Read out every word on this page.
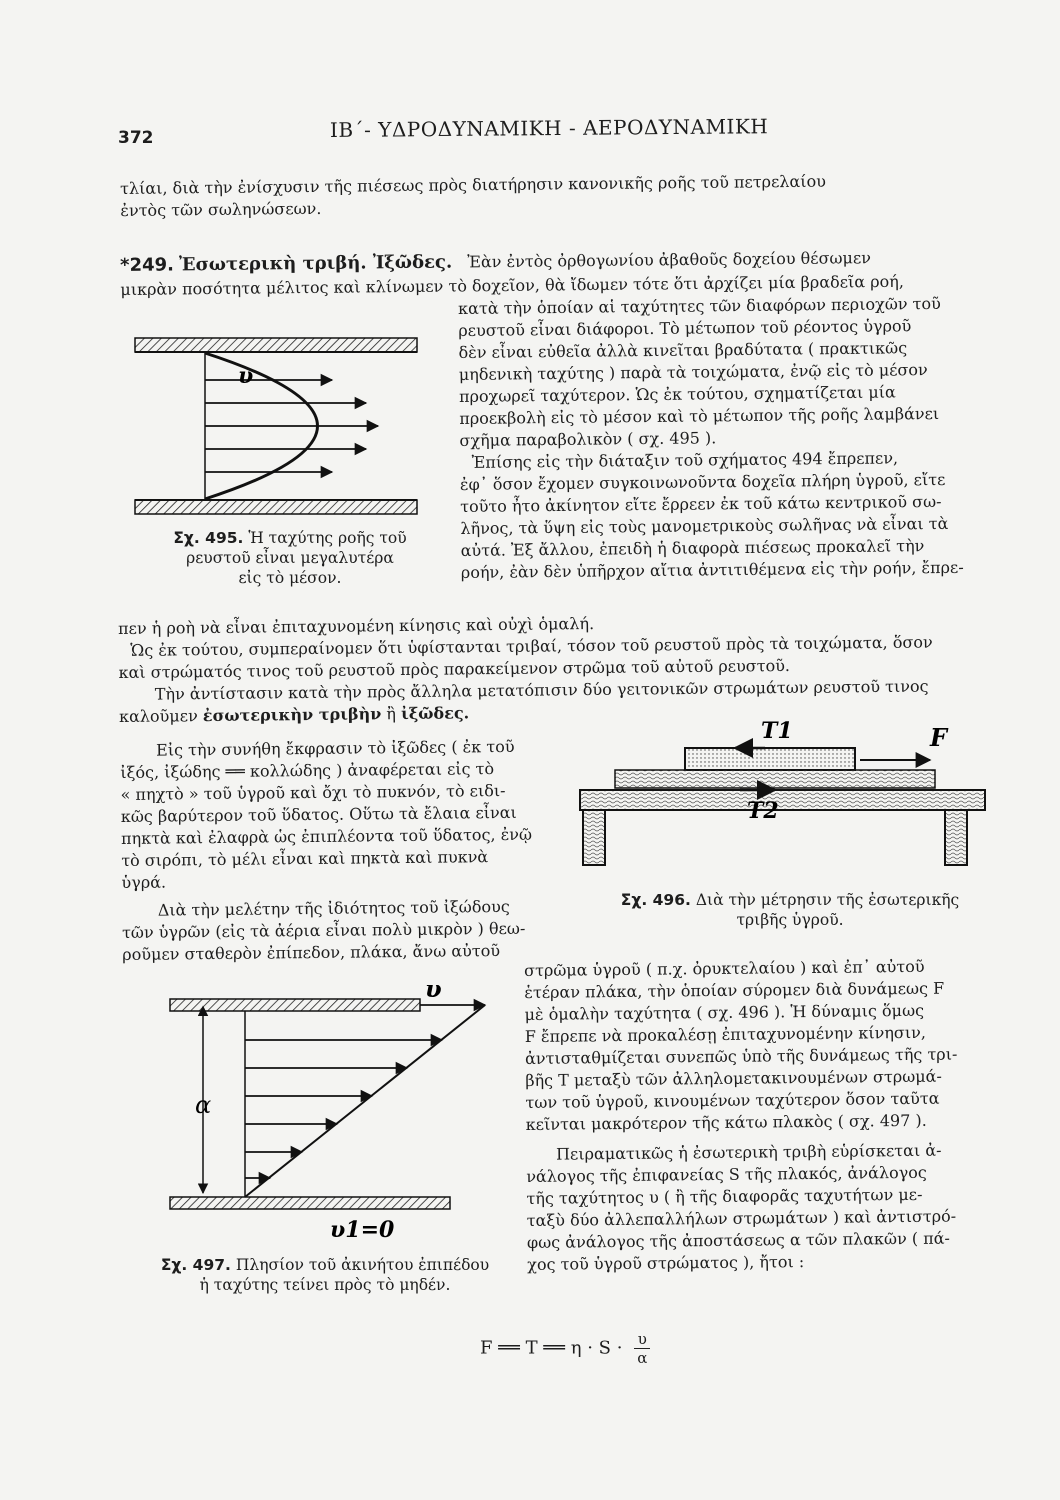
372	ΙΒ΄- ΥΔΡΟΔΥΝΑΜΙΚΗ - ΑΕΡΟΔΥΝΑΜΙΚΗ
τλίαι, διὰ τὴν ἐνίσχυσιν τῆς πιέσεως πρὸς διατήρησιν κανονικῆς ροῆς τοῦ πετρελαίου
ἐντὸς τῶν σωληνώσεων.
*249. Ἐσωτερικὴ τριβή. Ἰξῶδες. Ἐὰν ἐντὸς ὀρθογωνίου ἀβαθοῦς δοχείου θέσωμεν
μικρὰν ποσότητα μέλιτος καὶ κλίνωμεν τὸ δοχεῖον, θὰ ἴδωμεν τότε ὅτι ἀρχίζει μία βραδεῖα ροή,
κατὰ τὴν ὁποίαν αἱ ταχύτητες τῶν διαφόρων περιοχῶν τοῦ
ρευστοῦ εἶναι διάφοροι. Τὸ μέτωπον τοῦ ρέοντος ὑγροῦ
δὲν εἶναι εὐθεῖα ἀλλὰ κινεῖται βραδύτατα ( πρακτικῶς
μηδενικὴ ταχύτης ) παρὰ τὰ τοιχώματα, ἐνῷ εἰς τὸ μέσον
προχωρεῖ ταχύτερον. Ὡς ἐκ τούτου, σχηματίζεται μία
προεκβολὴ εἰς τὸ μέσον καὶ τὸ μέτωπον τῆς ροῆς λαμβάνει
σχῆμα παραβολικὸν ( σχ. 495 ).
Ἐπίσης εἰς τὴν διάταξιν τοῦ σχήματος 494 ἔπρεπεν,
ἐφ᾽ ὅσον ἔχομεν συγκοινωνοῦντα δοχεῖα πλήρη ὑγροῦ, εἴτε
τοῦτο ἦτο ἀκίνητον εἴτε ἔρρεεν ἐκ τοῦ κάτω κεντρικοῦ σω-
λῆνος, τὰ ὕψη εἰς τοὺς μανομετρικοὺς σωλῆνας νὰ εἶναι τὰ
αὐτά. Ἐξ ἄλλου, ἐπειδὴ ἡ διαφορὰ πιέσεως προκαλεῖ τὴν
ροήν, ἐὰν δὲν ὑπῆρχον αἴτια ἀντιτιθέμενα εἰς τὴν ροήν, ἔπρε-
υ
Σχ. 495. Ἡ ταχύτης ροῆς τοῦ
ρευστοῦ εἶναι μεγαλυτέρα
εἰς τὸ μέσον.
πεν ἡ ροὴ νὰ εἶναι ἐπιταχυνομένη κίνησις καὶ οὐχὶ ὁμαλή.
Ὡς ἐκ τούτου, συμπεραίνομεν ὅτι ὑφίστανται τριβαί, τόσον τοῦ ρευστοῦ πρὸς τὰ τοιχώματα, ὅσον
καὶ στρώματός τινος τοῦ ρευστοῦ πρὸς παρακείμενον στρῶμα τοῦ αὐτοῦ ρευστοῦ.
Τὴν ἀντίστασιν κατὰ τὴν πρὸς ἄλληλα μετατόπισιν δύο γειτονικῶν στρωμάτων ρευστοῦ τινος
καλοῦμεν ἐσωτερικὴν τριβὴν ἢ ἰξῶδες.
Εἰς τὴν συνήθη ἔκφρασιν τὸ ἰξῶδες ( ἐκ τοῦ
ἰξός, ἰξώδης ══ κολλώδης ) ἀναφέρεται εἰς τὸ
« πηχτὸ » τοῦ ὑγροῦ καὶ ὄχι τὸ πυκνόν, τὸ ειδι-
κῶς βαρύτερον τοῦ ὕδατος. Οὕτω τὰ ἔλαια εἶναι
πηκτὰ καὶ ἐλαφρὰ ὡς ἐπιπλέοντα τοῦ ὕδατος, ἐνῷ
τὸ σιρόπι, τὸ μέλι εἶναι καὶ πηκτὰ καὶ πυκνὰ
ὑγρά.
Διὰ τὴν μελέτην τῆς ἰδιότητος τοῦ ἰξώδους
τῶν ὑγρῶν (εἰς τὰ ἀέρια εἶναι πολὺ μικρὸν ) θεω-
ροῦμεν σταθερὸν ἐπίπεδον, πλάκα, ἄνω αὐτοῦ
T1	F
T2
Σχ. 496. Διὰ τὴν μέτρησιν τῆς ἐσωτερικῆς
τριβῆς ὑγροῦ.
στρῶμα ὑγροῦ ( π.χ. ὀρυκτελαίου ) καὶ ἐπ᾽ αὐτοῦ
ἑτέραν πλάκα, τὴν ὁποίαν σύρομεν διὰ δυνάμεως F
μὲ ὁμαλὴν ταχύτητα ( σχ. 496 ). Ἡ δύναμις ὅμως
F ἔπρεπε νὰ προκαλέσῃ ἐπιταχυνομένην κίνησιν,
ἀντισταθμίζεται συνεπῶς ὑπὸ τῆς δυνάμεως τῆς τρι-
βῆς Τ μεταξὺ τῶν ἀλληλομετακινουμένων στρωμά-
των τοῦ ὑγροῦ, κινουμένων ταχύτερον ὅσον ταῦτα
κεῖνται μακρότερον τῆς κάτω πλακὸς ( σχ. 497 ).
Πειραματικῶς ἡ ἐσωτερικὴ τριβὴ εὑρίσκεται ἀ-
νάλογος τῆς ἐπιφανείας S τῆς πλακός, ἀνάλογος
τῆς ταχύτητος υ ( ἢ τῆς διαφορᾶς ταχυτήτων με-
ταξὺ δύο ἀλλεπαλλήλων στρωμάτων ) καὶ ἀντιστρό-
φως ἀνάλογος τῆς ἀποστάσεως α τῶν πλακῶν ( πά-
χος τοῦ ὑγροῦ στρώματος ), ἤτοι :
υ
α
υ1=0
Σχ. 497. Πλησίον τοῦ ἀκινήτου ἐπιπέδου
ἡ ταχύτης τείνει πρὸς τὸ μηδέν.
F ══ T ══ $\eta \cdot S \cdot \frac{\upsilon}{\alpha}$
